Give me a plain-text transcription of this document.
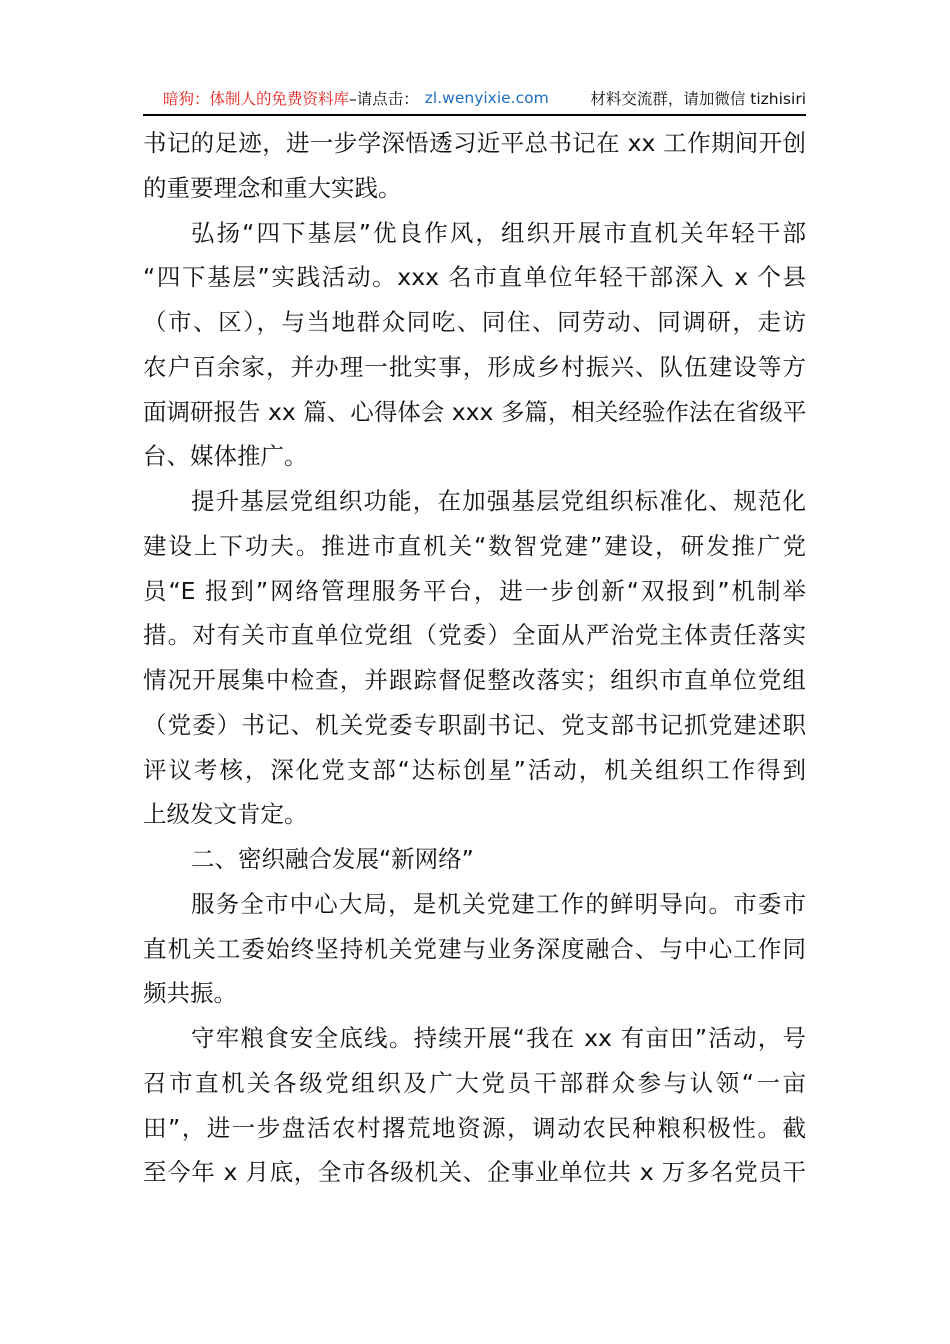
暗狗：体制人的免费资料库 –请点击： zl.wenyixie.com	材料交流群，请加微信 tizhisiri
书记的足迹，进一步学深悟透习近平总书记在 xx 工作期间开创
的重要理念和重大实践。
弘扬“四下基层”优良作风，组织开展市直机关年轻干部
“四下基层”实践活动。xxx 名市直单位年轻干部深入 x 个县
（市、区），与当地群众同吃、同住、同劳动、同调研，走访
农户百余家，并办理一批实事，形成乡村振兴、队伍建设等方
面调研报告 xx 篇、心得体会 xxx 多篇，相关经验作法在省级平
台、媒体推广。
提升基层党组织功能，在加强基层党组织标准化、规范化
建设上下功夫。推进市直机关“数智党建”建设，研发推广党
员“E 报到”网络管理服务平台，进一步创新“双报到”机制举
措。对有关市直单位党组（党委）全面从严治党主体责任落实
情况开展集中检查，并跟踪督促整改落实；组织市直单位党组
（党委）书记、机关党委专职副书记、党支部书记抓党建述职
评议考核，深化党支部“达标创星”活动，机关组织工作得到
上级发文肯定。
二、密织融合发展“新网络”
服务全市中心大局，是机关党建工作的鲜明导向。市委市
直机关工委始终坚持机关党建与业务深度融合、与中心工作同
频共振。
守牢粮食安全底线。持续开展“我在 xx 有亩田”活动，号
召市直机关各级党组织及广大党员干部群众参与认领“一亩
田”，进一步盘活农村撂荒地资源，调动农民种粮积极性。截
至今年 x 月底，全市各级机关、企事业单位共 x 万多名党员干
